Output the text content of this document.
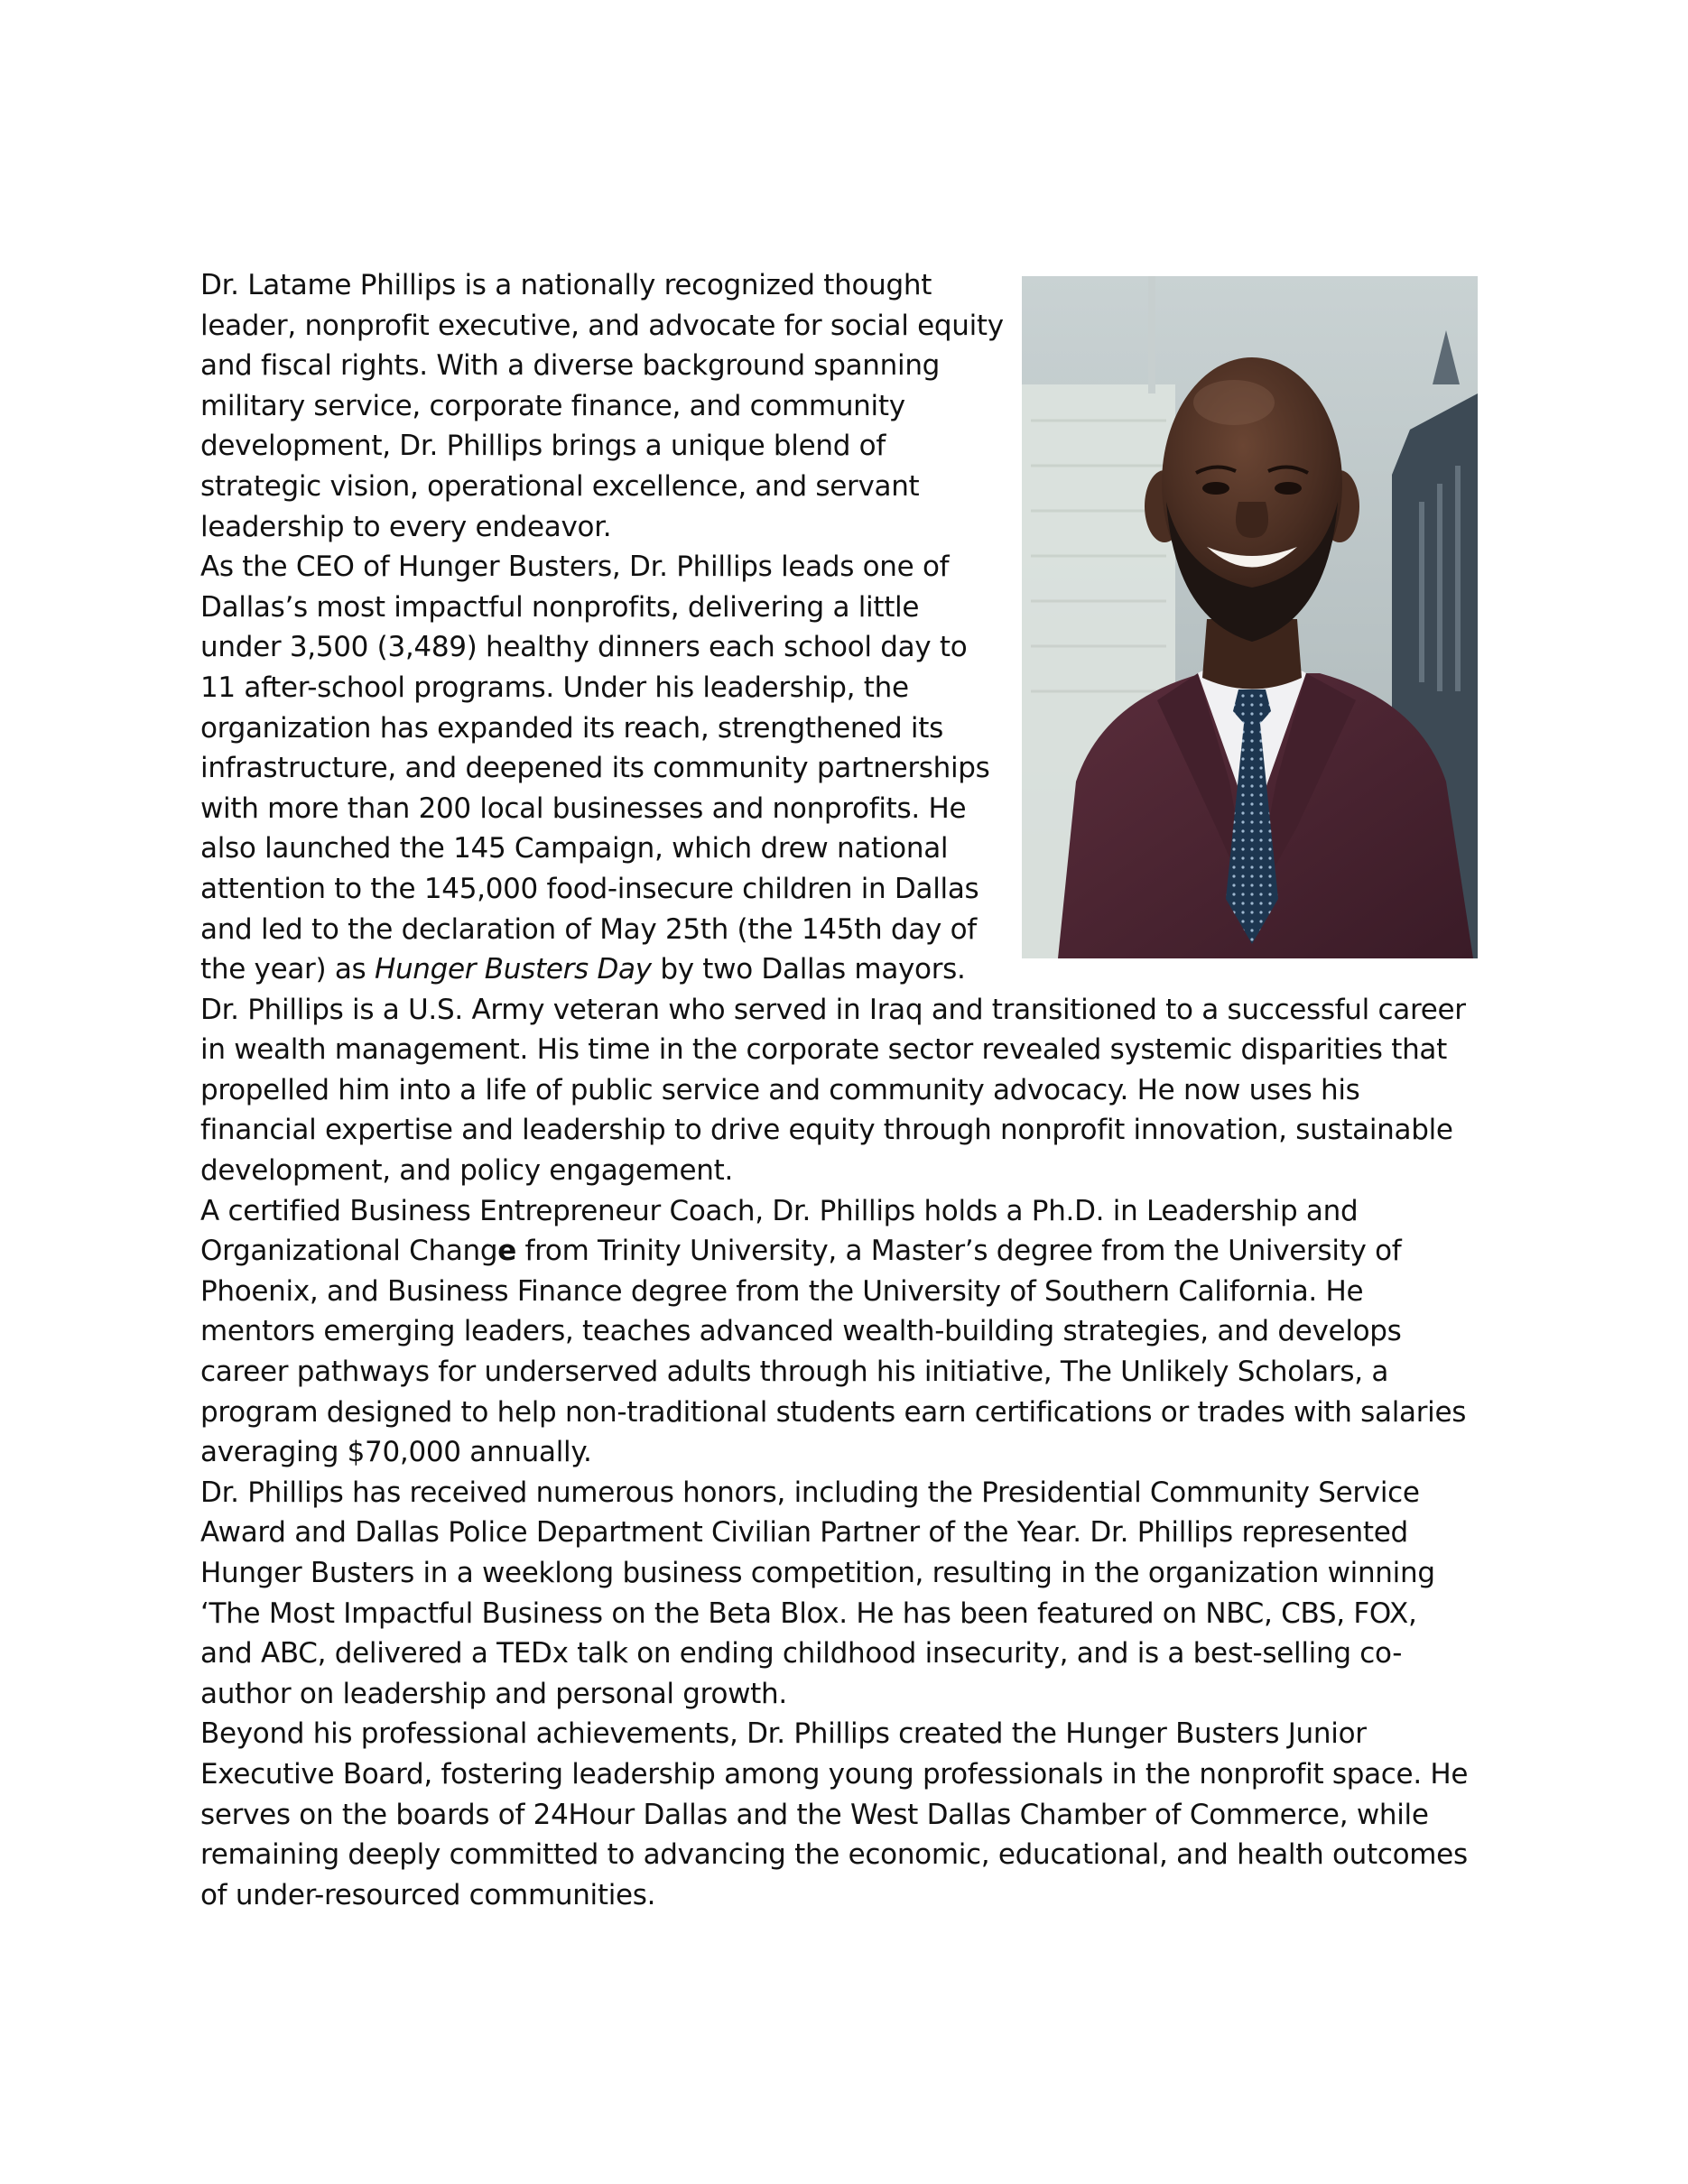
Dr. Latame Phillips is a nationally recognized thought leader, nonprofit executive, and advocate for social equity and fiscal rights. With a diverse background spanning military service, corporate finance, and community development, Dr. Phillips brings a unique blend of strategic vision, operational excellence, and servant leadership to every endeavor.

As the CEO of Hunger Busters, Dr. Phillips leads one of Dallas’s most impactful nonprofits, delivering a little under 3,500 (3,489) healthy dinners each school day to 11 after-school programs. Under his leadership, the organization has expanded its reach, strengthened its infrastructure, and deepened its community partnerships with more than 200 local businesses and nonprofits. He also launched the 145 Campaign, which drew national attention to the 145,000 food-insecure children in Dallas and led to the declaration of May 25th (the 145th day of the year) as Hunger Busters Day by two Dallas mayors.

Dr. Phillips is a U.S. Army veteran who served in Iraq and transitioned to a successful career in wealth management. His time in the corporate sector revealed systemic disparities that propelled him into a life of public service and community advocacy. He now uses his financial expertise and leadership to drive equity through nonprofit innovation, sustainable development, and policy engagement.

A certified Business Entrepreneur Coach, Dr. Phillips holds a Ph.D. in Leadership and Organizational Change from Trinity University, a Master’s degree from the University of Phoenix, and Business Finance degree from the University of Southern California. He mentors emerging leaders, teaches advanced wealth-building strategies, and develops career pathways for underserved adults through his initiative, The Unlikely Scholars, a program designed to help non-traditional students earn certifications or trades with salaries averaging $70,000 annually.

Dr. Phillips has received numerous honors, including the Presidential Community Service Award and Dallas Police Department Civilian Partner of the Year. Dr. Phillips represented Hunger Busters in a weeklong business competition, resulting in the organization winning ‘The Most Impactful Business on the Beta Blox. He has been featured on NBC, CBS, FOX, and ABC, delivered a TEDx talk on ending childhood insecurity, and is a best-selling co-author on leadership and personal growth.

Beyond his professional achievements, Dr. Phillips created the Hunger Busters Junior Executive Board, fostering leadership among young professionals in the nonprofit space. He serves on the boards of 24Hour Dallas and the West Dallas Chamber of Commerce, while remaining deeply committed to advancing the economic, educational, and health outcomes of under-resourced communities.
